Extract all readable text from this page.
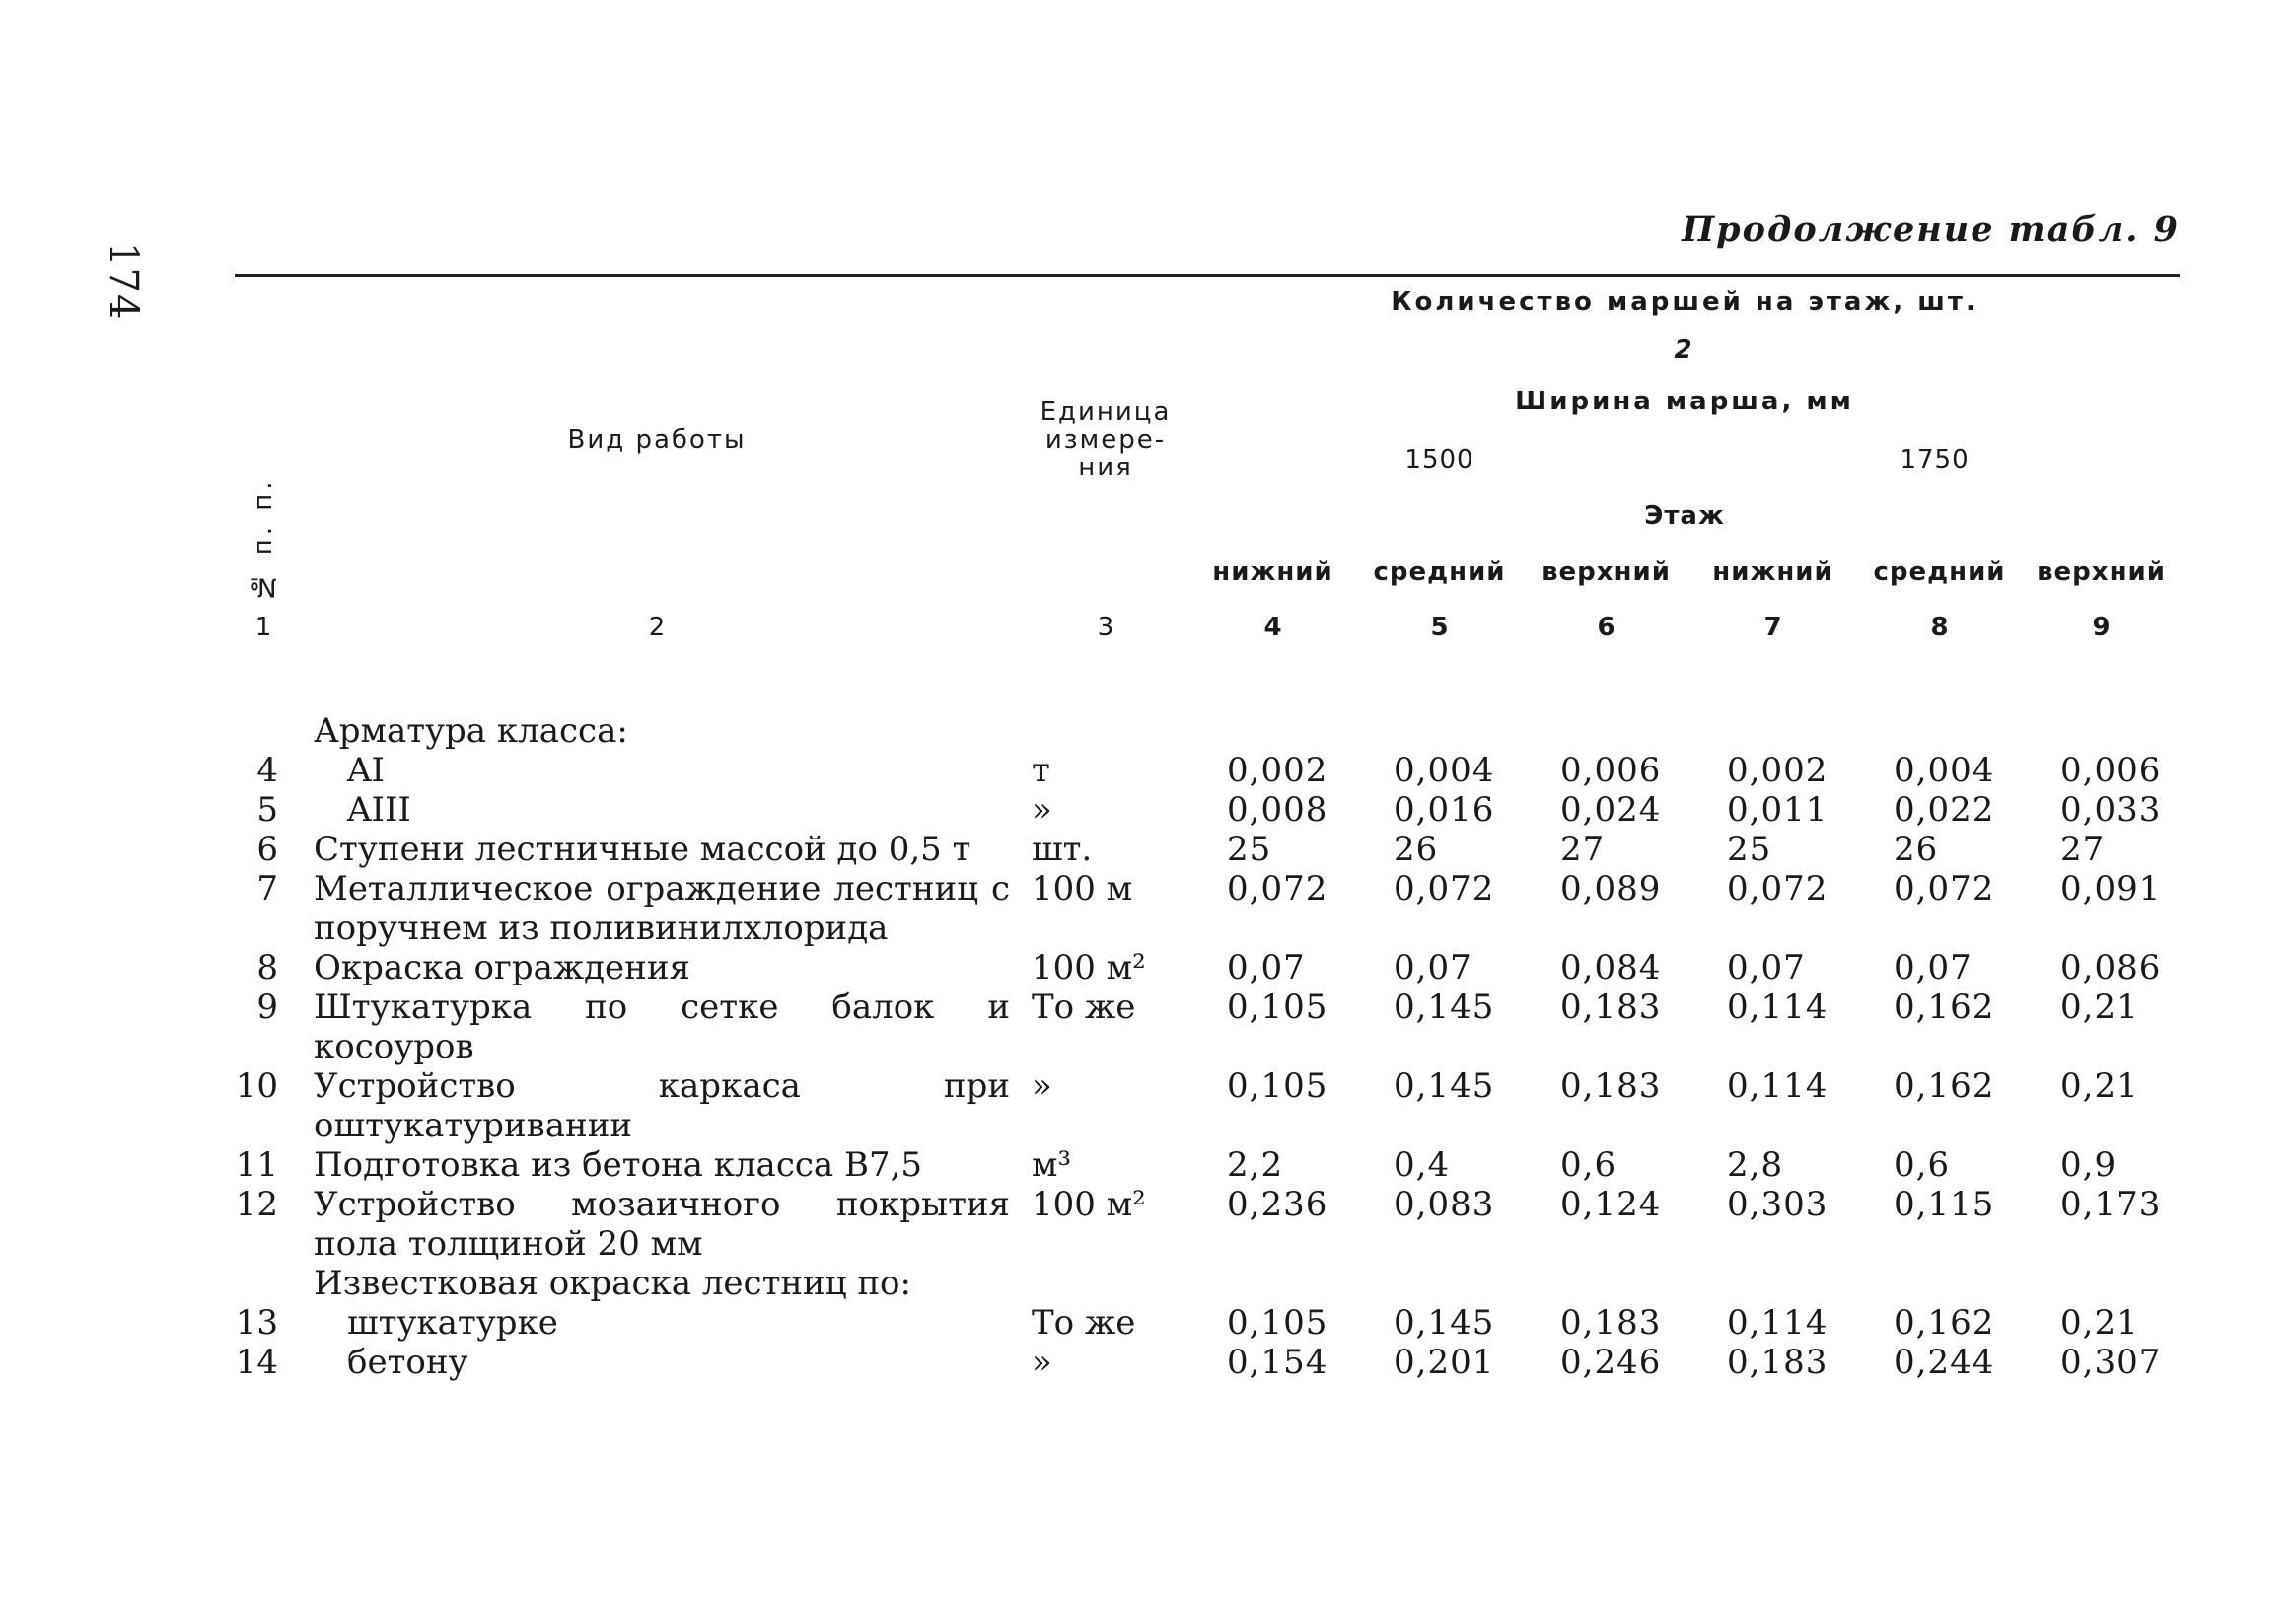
174
Продолжение табл. 9
№ п. п.	Вид работы	Единица измере- ния	Количество маршей на этаж, шт.					
			2					
			Ширина марша, мм					
			1500			1750		
			Этаж					
			нижний	средний	верхний	нижний	средний	верхний
1	2	3	4	5	6	7	8	9

	Арматура класса:							
4	AI	т	0,002	0,004	0,006	0,002	0,004	0,006
5	AIII	»	0,008	0,016	0,024	0,011	0,022	0,033
6	Ступени лестничные массой до 0,5 т	шт.	25	26	27	25	26	27
7	Металлическое ограждение лестниц с поручнем из поливинилхлорида	100 м	0,072	0,072	0,089	0,072	0,072	0,091
8	Окраска ограждения	100 м²	0,07	0,07	0,084	0,07	0,07	0,086
9	Штукатурка по сетке балок и косоуров	То же	0,105	0,145	0,183	0,114	0,162	0,21
10	Устройство каркаса при оштукатуривании	»	0,105	0,145	0,183	0,114	0,162	0,21
11	Подготовка из бетона класса В7,5	м³	2,2	0,4	0,6	2,8	0,6	0,9
12	Устройство мозаичного покрытия пола толщиной 20 мм	100 м²	0,236	0,083	0,124	0,303	0,115	0,173
	Известковая окраска лестниц по:							
13	штукатурке	То же	0,105	0,145	0,183	0,114	0,162	0,21
14	бетону	»	0,154	0,201	0,246	0,183	0,244	0,307
